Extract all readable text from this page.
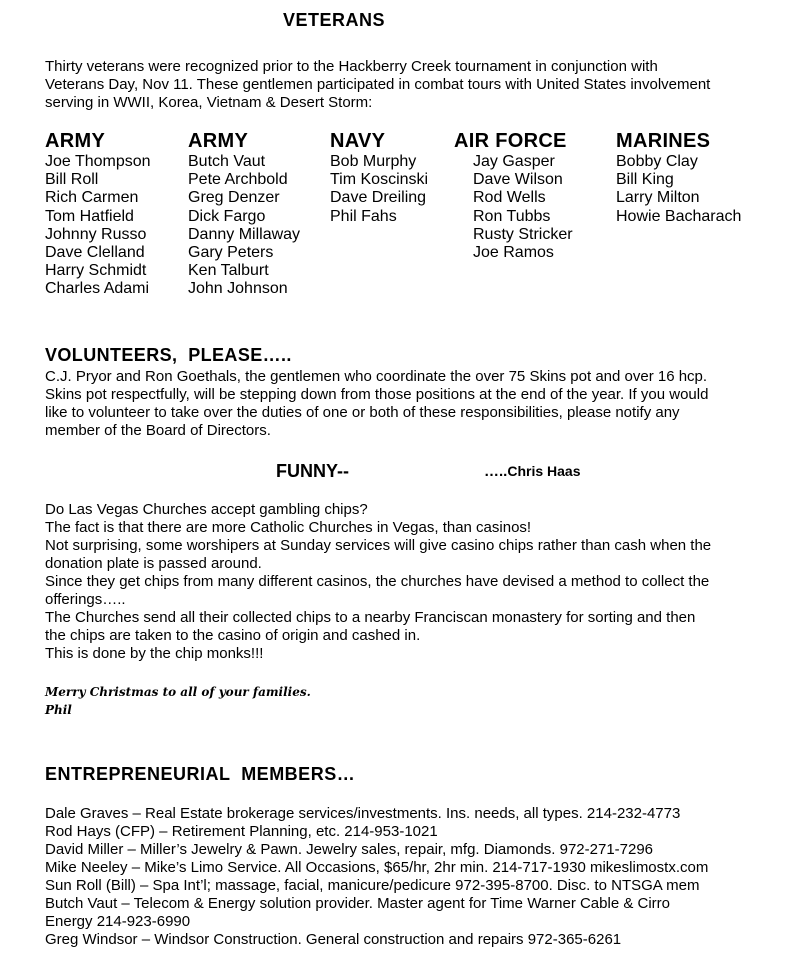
VETERANS
Thirty veterans were recognized prior to the Hackberry Creek tournament in conjunction with
Veterans Day, Nov 11. These gentlemen participated in combat tours with United States involvement
serving in WWII, Korea, Vietnam & Desert Storm:
ARMY
Joe Thompson
Bill Roll
Rich Carmen
Tom Hatfield
Johnny Russo
Dave Clelland
Harry Schmidt
Charles Adami
ARMY
Butch Vaut
Pete Archbold
Greg Denzer
Dick Fargo
Danny Millaway
Gary Peters
Ken Talburt
John Johnson
NAVY
Bob Murphy
Tim Koscinski
Dave Dreiling
Phil Fahs
AIR FORCE
Jay Gasper
Dave Wilson
Rod Wells
Ron Tubbs
Rusty Stricker
Joe Ramos
MARINES
Bobby Clay
Bill King
Larry Milton
Howie Bacharach
VOLUNTEERS,  PLEASE…..
C.J. Pryor and Ron Goethals, the gentlemen who coordinate the over 75 Skins pot and over 16 hcp.
Skins pot respectfully, will be stepping down from those positions at the end of the year. If you would
like to volunteer to take over the duties of one or both of these responsibilities, please notify any
member of the Board of Directors.
FUNNY--	…..Chris Haas
Do Las Vegas Churches accept gambling chips?
The fact is that there are more Catholic Churches in Vegas, than casinos!
Not surprising, some worshipers at Sunday services will give casino chips rather than cash when the
donation plate is passed around.
Since they get chips from many different casinos, the churches have devised a method to collect the
offerings…..
The Churches send all their collected chips to a nearby Franciscan monastery for sorting and then
the chips are taken to the casino of origin and cashed in.
This is done by the chip monks!!!
Merry Christmas to all of your families.
Phil
ENTREPRENEURIAL  MEMBERS…
Dale Graves – Real Estate brokerage services/investments. Ins. needs, all types. 214-232-4773
Rod Hays (CFP) – Retirement Planning, etc. 214-953-1021
David Miller – Miller’s Jewelry & Pawn. Jewelry sales, repair, mfg. Diamonds. 972-271-7296
Mike Neeley – Mike’s Limo Service. All Occasions, $65/hr, 2hr min. 214-717-1930 mikeslimostx.com
Sun Roll (Bill) – Spa Int’l; massage, facial, manicure/pedicure 972-395-8700. Disc. to NTSGA mem
Butch Vaut – Telecom & Energy solution provider. Master agent for Time Warner Cable & Cirro
Energy 214-923-6990
Greg Windsor – Windsor Construction. General construction and repairs 972-365-6261
